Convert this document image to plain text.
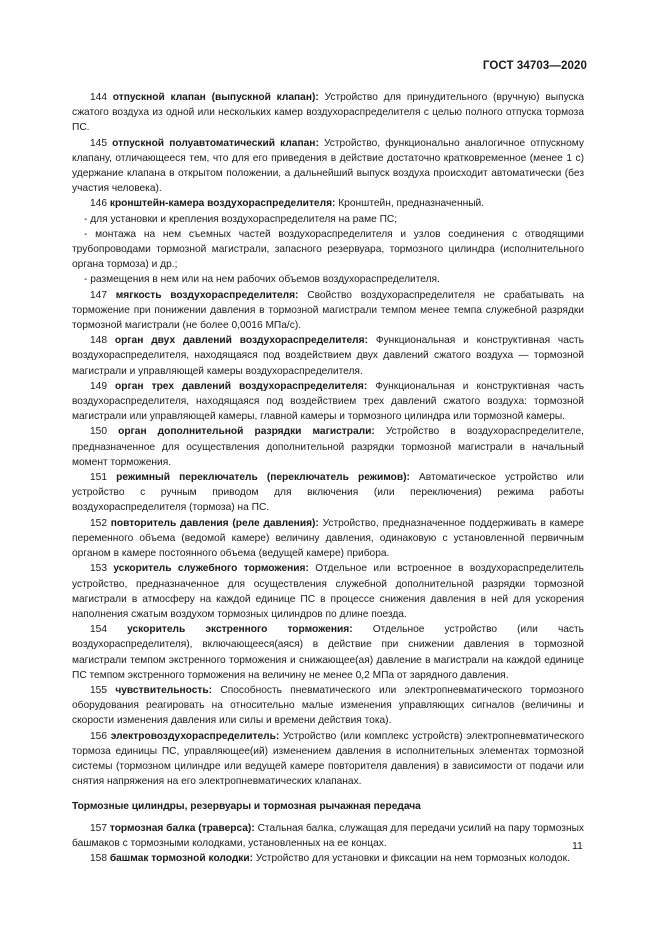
ГОСТ 34703—2020

144 отпускной клапан (выпускной клапан): Устройство для принудительного (вручную) выпуска сжатого воздуха из одной или нескольких камер воздухораспределителя с целью полного отпуска тормоза ПС.

145 отпускной полуавтоматический клапан: Устройство, функционально аналогичное отпускному клапану, отличающееся тем, что для его приведения в действие достаточно кратковременное (менее 1 с) удержание клапана в открытом положении, а дальнейший выпуск воздуха происходит автоматически (без участия человека).

146 кронштейн-камера воздухораспределителя: Кронштейн, предназначенный.

- для установки и крепления воздухораспределителя на раме ПС;

- монтажа на нем съемных частей воздухораспределителя и узлов соединения с отводящими трубопроводами тормозной магистрали, запасного резервуара, тормозного цилиндра (исполнительного органа тормоза) и др.;

- размещения в нем или на нем рабочих объемов воздухораспределителя.

147 мягкость воздухораспределителя: Свойство воздухораспределителя не срабатывать на торможение при понижении давления в тормозной магистрали темпом менее темпа служебной разрядки тормозной магистрали (не более 0,0016 МПа/с).

148 орган двух давлений воздухораспределителя: Функциональная и конструктивная часть воздухораспределителя, находящаяся под воздействием двух давлений сжатого воздуха — тормозной магистрали и управляющей камеры воздухораспределителя.

149 орган трех давлений воздухораспределителя: Функциональная и конструктивная часть воздухораспределителя, находящаяся под воздействием трех давлений сжатого воздуха: тормозной магистрали или управляющей камеры, главной камеры и тормозного цилиндра или тормозной камеры.

150 орган дополнительной разрядки магистрали: Устройство в воздухораспределителе, предназначенное для осуществления дополнительной разрядки тормозной магистрали в начальный момент торможения.

151 режимный переключатель (переключатель режимов): Автоматическое устройство или устройство с ручным приводом для включения (или переключения) режима работы воздухораспределителя (тормоза) на ПС.

152 повторитель давления (реле давления): Устройство, предназначенное поддерживать в камере переменного объема (ведомой камере) величину давления, одинаковую с установленной первичным органом в камере постоянного объема (ведущей камере) прибора.

153 ускоритель служебного торможения: Отдельное или встроенное в воздухораспределитель устройство, предназначенное для осуществления служебной дополнительной разрядки тормозной магистрали в атмосферу на каждой единице ПС в процессе снижения давления в ней для ускорения наполнения сжатым воздухом тормозных цилиндров по длине поезда.

154 ускоритель экстренного торможения: Отдельное устройство (или часть воздухораспределителя), включающееся(аяся) в действие при снижении давления в тормозной магистрали темпом экстренного торможения и снижающее(ая) давление в магистрали на каждой единице ПС темпом экстренного торможения на величину не менее 0,2 МПа от зарядного давления.

155 чувствительность: Способность пневматического или электропневматического тормозного оборудования реагировать на относительно малые изменения управляющих сигналов (величины и скорости изменения давления или силы и времени действия тока).

156 электровоздухораспределитель: Устройство (или комплекс устройств) электропневматического тормоза единицы ПС, управляющее(ий) изменением давления в исполнительных элементах тормозной системы (тормозном цилиндре или ведущей камере повторителя давления) в зависимости от подачи или снятия напряжения на его электропневматических клапанах.

Тормозные цилиндры, резервуары и тормозная рычажная передача

157 тормозная балка (траверса): Стальная балка, служащая для передачи усилий на пару тормозных башмаков с тормозными колодками, установленных на ее концах.

158 башмак тормозной колодки: Устройство для установки и фиксации на нем тормозных колодок.

11
